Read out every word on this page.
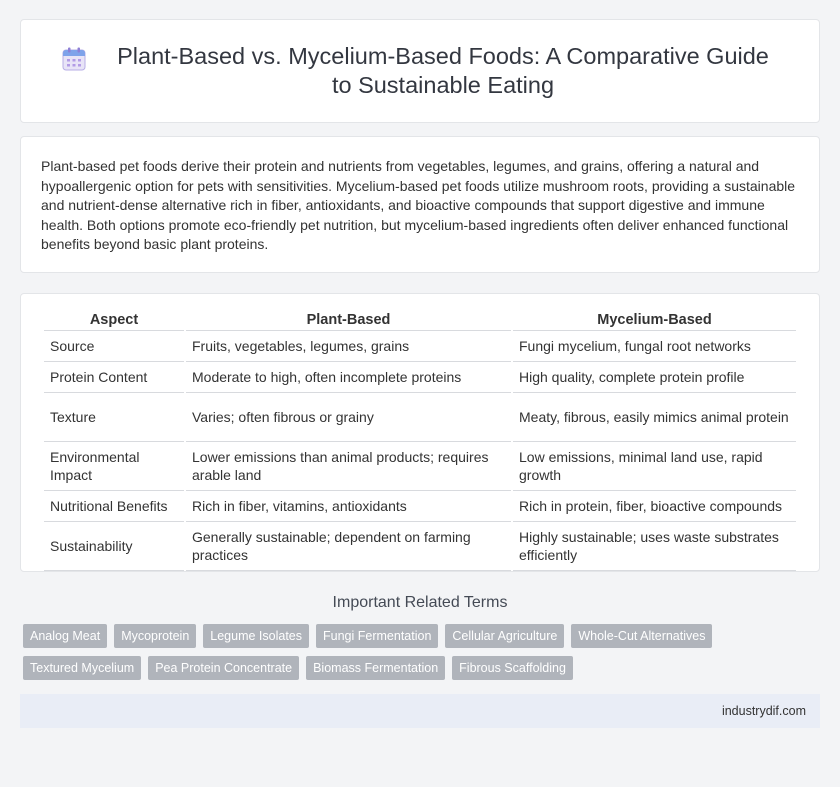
Plant-Based vs. Mycelium-Based Foods: A Comparative Guide to Sustainable Eating

Plant-based pet foods derive their protein and nutrients from vegetables, legumes, and grains, offering a natural and hypoallergenic option for pets with sensitivities. Mycelium-based pet foods utilize mushroom roots, providing a sustainable and nutrient-dense alternative rich in fiber, antioxidants, and bioactive compounds that support digestive and immune health. Both options promote eco-friendly pet nutrition, but mycelium-based ingredients often deliver enhanced functional benefits beyond basic plant proteins.

Aspect	Plant-Based	Mycelium-Based
Source	Fruits, vegetables, legumes, grains	Fungi mycelium, fungal root networks
Protein Content	Moderate to high, often incomplete proteins	High quality, complete protein profile
Texture	Varies; often fibrous or grainy	Meaty, fibrous, easily mimics animal protein
Environmental Impact	Lower emissions than animal products; requires arable land	Low emissions, minimal land use, rapid growth
Nutritional Benefits	Rich in fiber, vitamins, antioxidants	Rich in protein, fiber, bioactive compounds
Sustainability	Generally sustainable; dependent on farming practices	Highly sustainable; uses waste substrates efficiently
Important Related Terms
Analog Meat	Mycoprotein	Legume Isolates	Fungi Fermentation	Cellular Agriculture	Whole-Cut Alternatives
Textured Mycelium	Pea Protein Concentrate	Biomass Fermentation	Fibrous Scaffolding
industrydif.com
